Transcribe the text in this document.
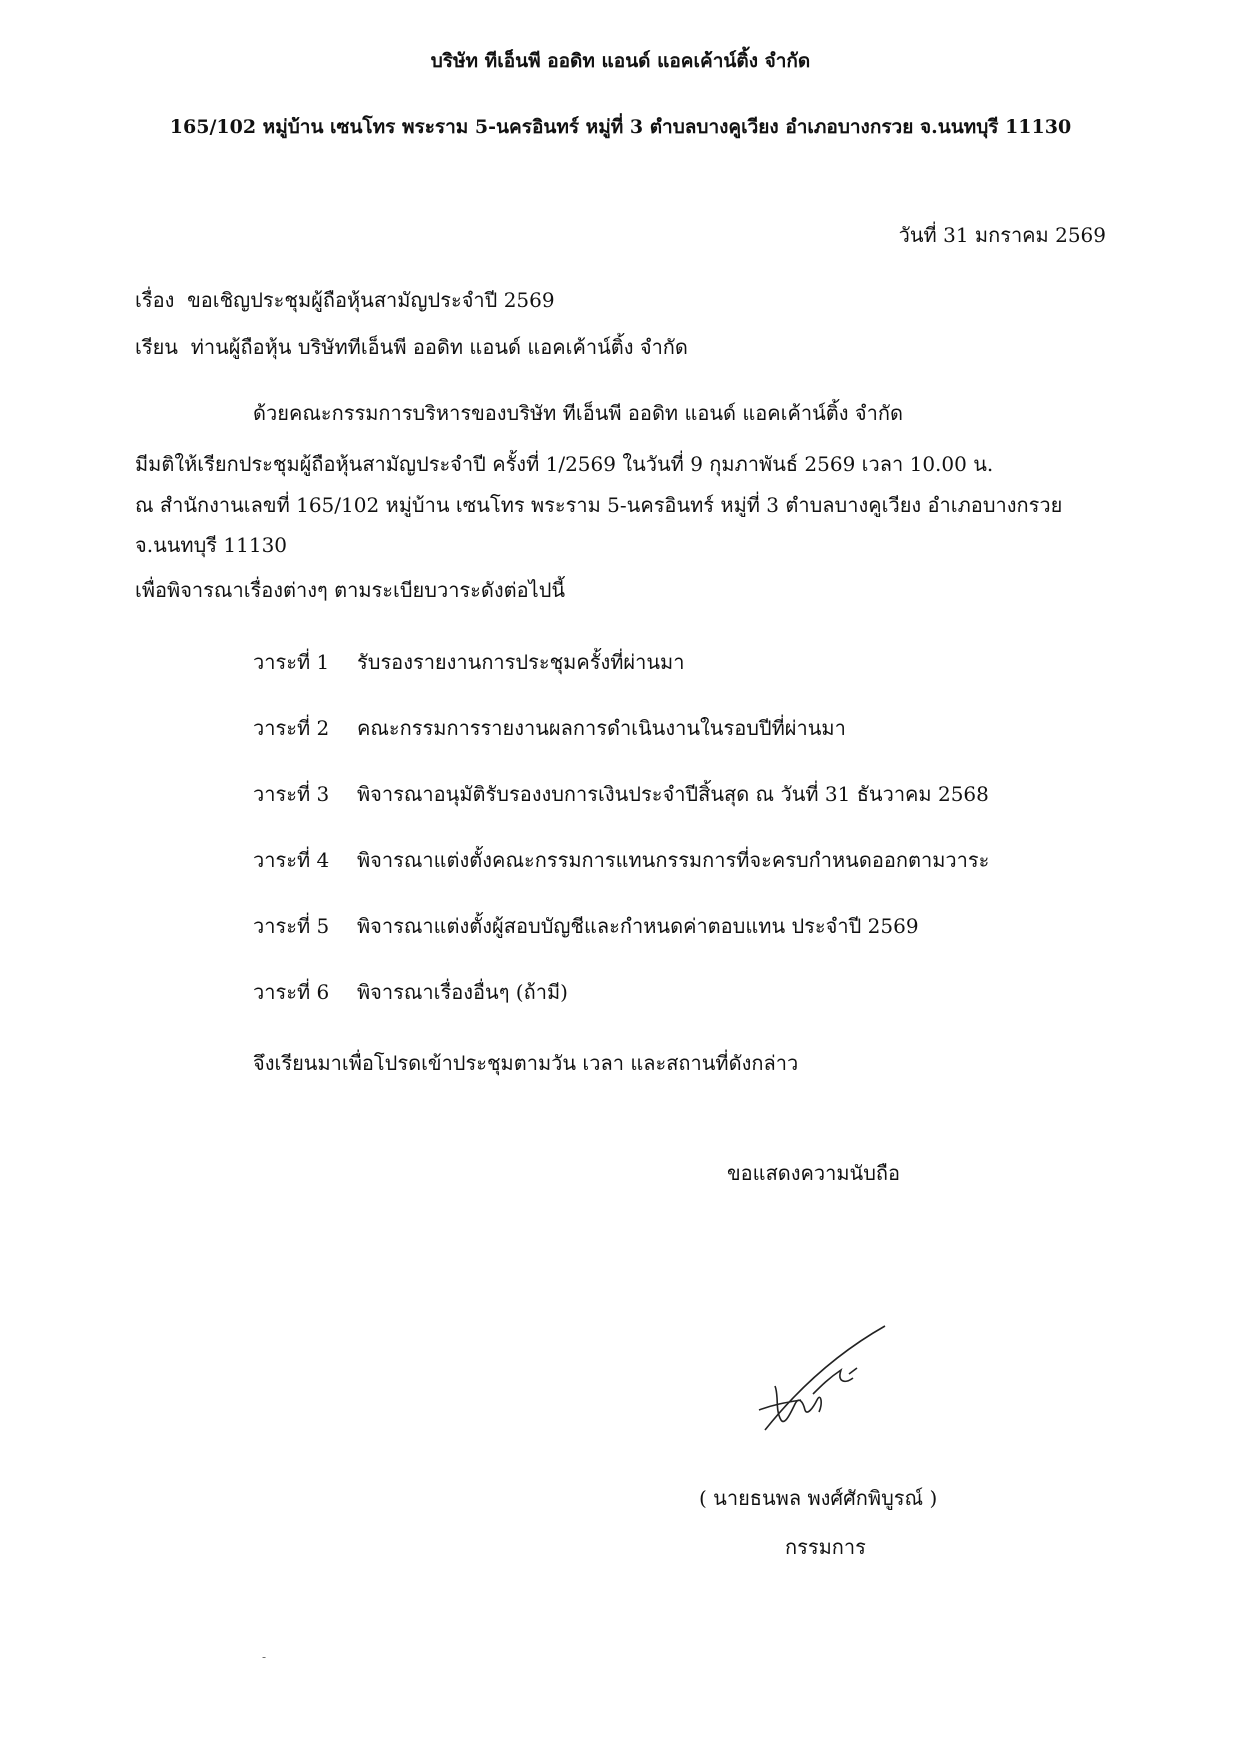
บริษัท ทีเอ็นพี ออดิท แอนด์ แอคเค้าน์ติ้ง จำกัด
165/102 หมู่บ้าน เซนโทร พระราม 5-นครอินทร์ หมู่ที่ 3 ตำบลบางคูเวียง อำเภอบางกรวย จ.นนทบุรี 11130
วันที่ 31 มกราคม 2569
เรื่อง ขอเชิญประชุมผู้ถือหุ้นสามัญประจำปี 2569
เรียน ท่านผู้ถือหุ้น บริษัททีเอ็นพี ออดิท แอนด์ แอคเค้าน์ติ้ง จำกัด
ด้วยคณะกรรมการบริหารของบริษัท ทีเอ็นพี ออดิท แอนด์ แอคเค้าน์ติ้ง จำกัด
มีมติให้เรียกประชุมผู้ถือหุ้นสามัญประจำปี ครั้งที่ 1/2569 ในวันที่ 9 กุมภาพันธ์ 2569 เวลา 10.00 น.
ณ สำนักงานเลขที่ 165/102 หมู่บ้าน เซนโทร พระราม 5-นครอินทร์ หมู่ที่ 3 ตำบลบางคูเวียง อำเภอบางกรวย
จ.นนทบุรี 11130
เพื่อพิจารณาเรื่องต่างๆ ตามระเบียบวาระดังต่อไปนี้
วาระที่ 1 รับรองรายงานการประชุมครั้งที่ผ่านมา
วาระที่ 2 คณะกรรมการรายงานผลการดำเนินงานในรอบปีที่ผ่านมา
วาระที่ 3 พิจารณาอนุมัติรับรองงบการเงินประจำปีสิ้นสุด ณ วันที่ 31 ธันวาคม 2568
วาระที่ 4 พิจารณาแต่งตั้งคณะกรรมการแทนกรรมการที่จะครบกำหนดออกตามวาระ
วาระที่ 5 พิจารณาแต่งตั้งผู้สอบบัญชีและกำหนดค่าตอบแทน ประจำปี 2569
วาระที่ 6 พิจารณาเรื่องอื่นๆ (ถ้ามี)
จึงเรียนมาเพื่อโปรดเข้าประชุมตามวัน เวลา และสถานที่ดังกล่าว
ขอแสดงความนับถือ
( นายธนพล พงศ์ศักพิบูรณ์ )
กรรมการ
-
